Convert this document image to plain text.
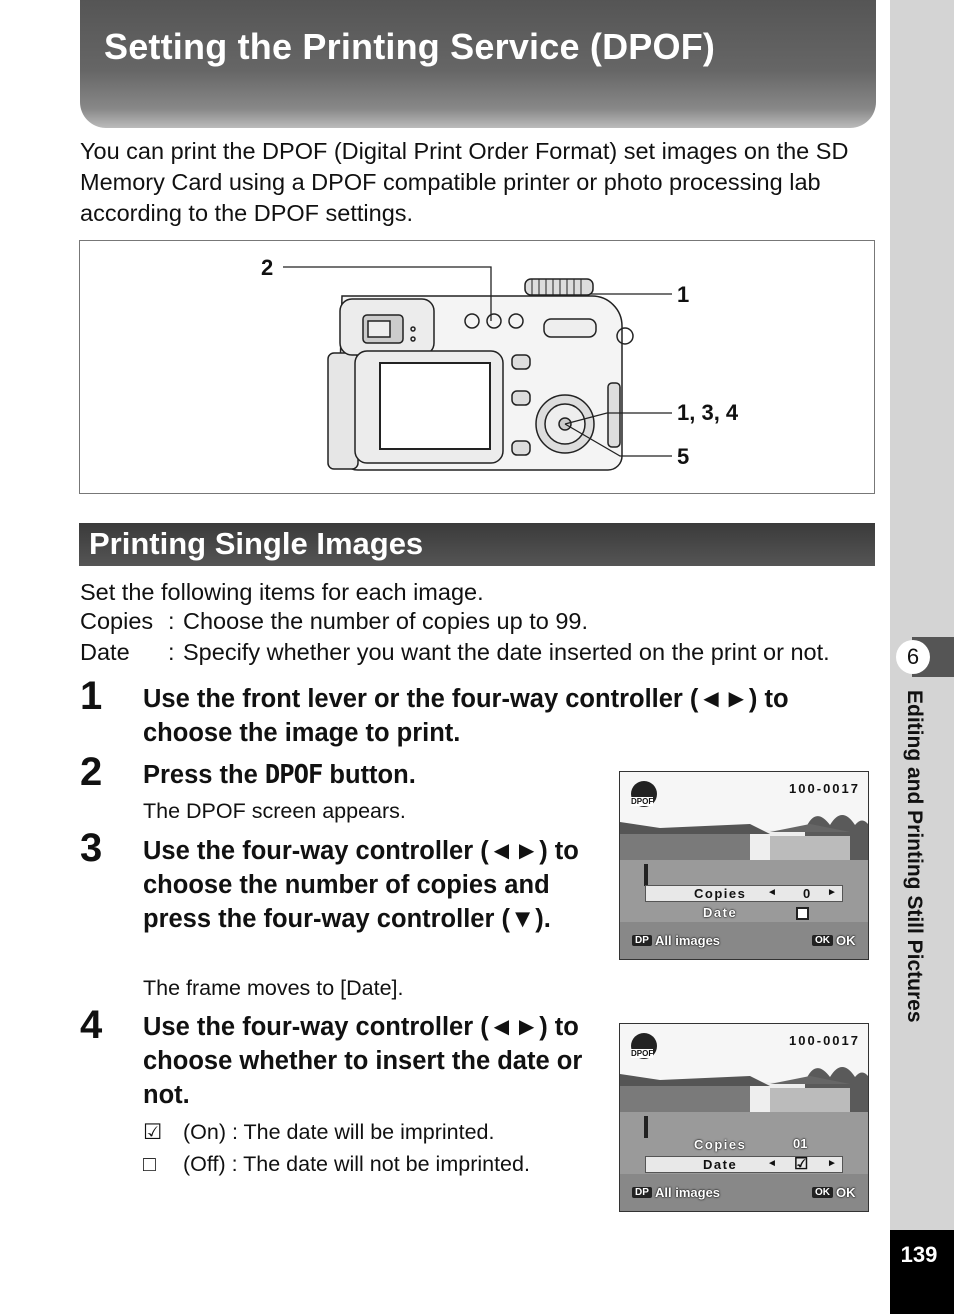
Setting the Printing Service (DPOF)

You can print the DPOF (Digital Print Order Format) set images on the SD Memory Card using a DPOF compatible printer or photo processing lab according to the DPOF settings.

2
1
1, 3, 4
5
Printing Single Images

Set the following items for each image.

Copies : Choose the number of copies up to 99.
Date : Specify whether you want the date inserted on the print or not.
1 Use the front lever or the four-way controller (◄►) to choose the image to print.
2 Press the DPOF button.
The DPOF screen appears.
3 Use the four-way controller (◄►) to choose the number of copies and press the four-way controller (▼).
The frame moves to [Date].
4 Use the four-way controller (◄►) to choose whether to insert the date or not.
☑ (On) : The date will be imprinted.
□ (Off) : The date will not be imprinted.
DPOF
100-0017
Copies ◄ 0 ►
Date
DP All images	OK OK
DPOF
100-0017
Copies	01
Date	◄ ☑ ►
DP All images	OK OK
6
Editing and Printing Still Pictures
139
